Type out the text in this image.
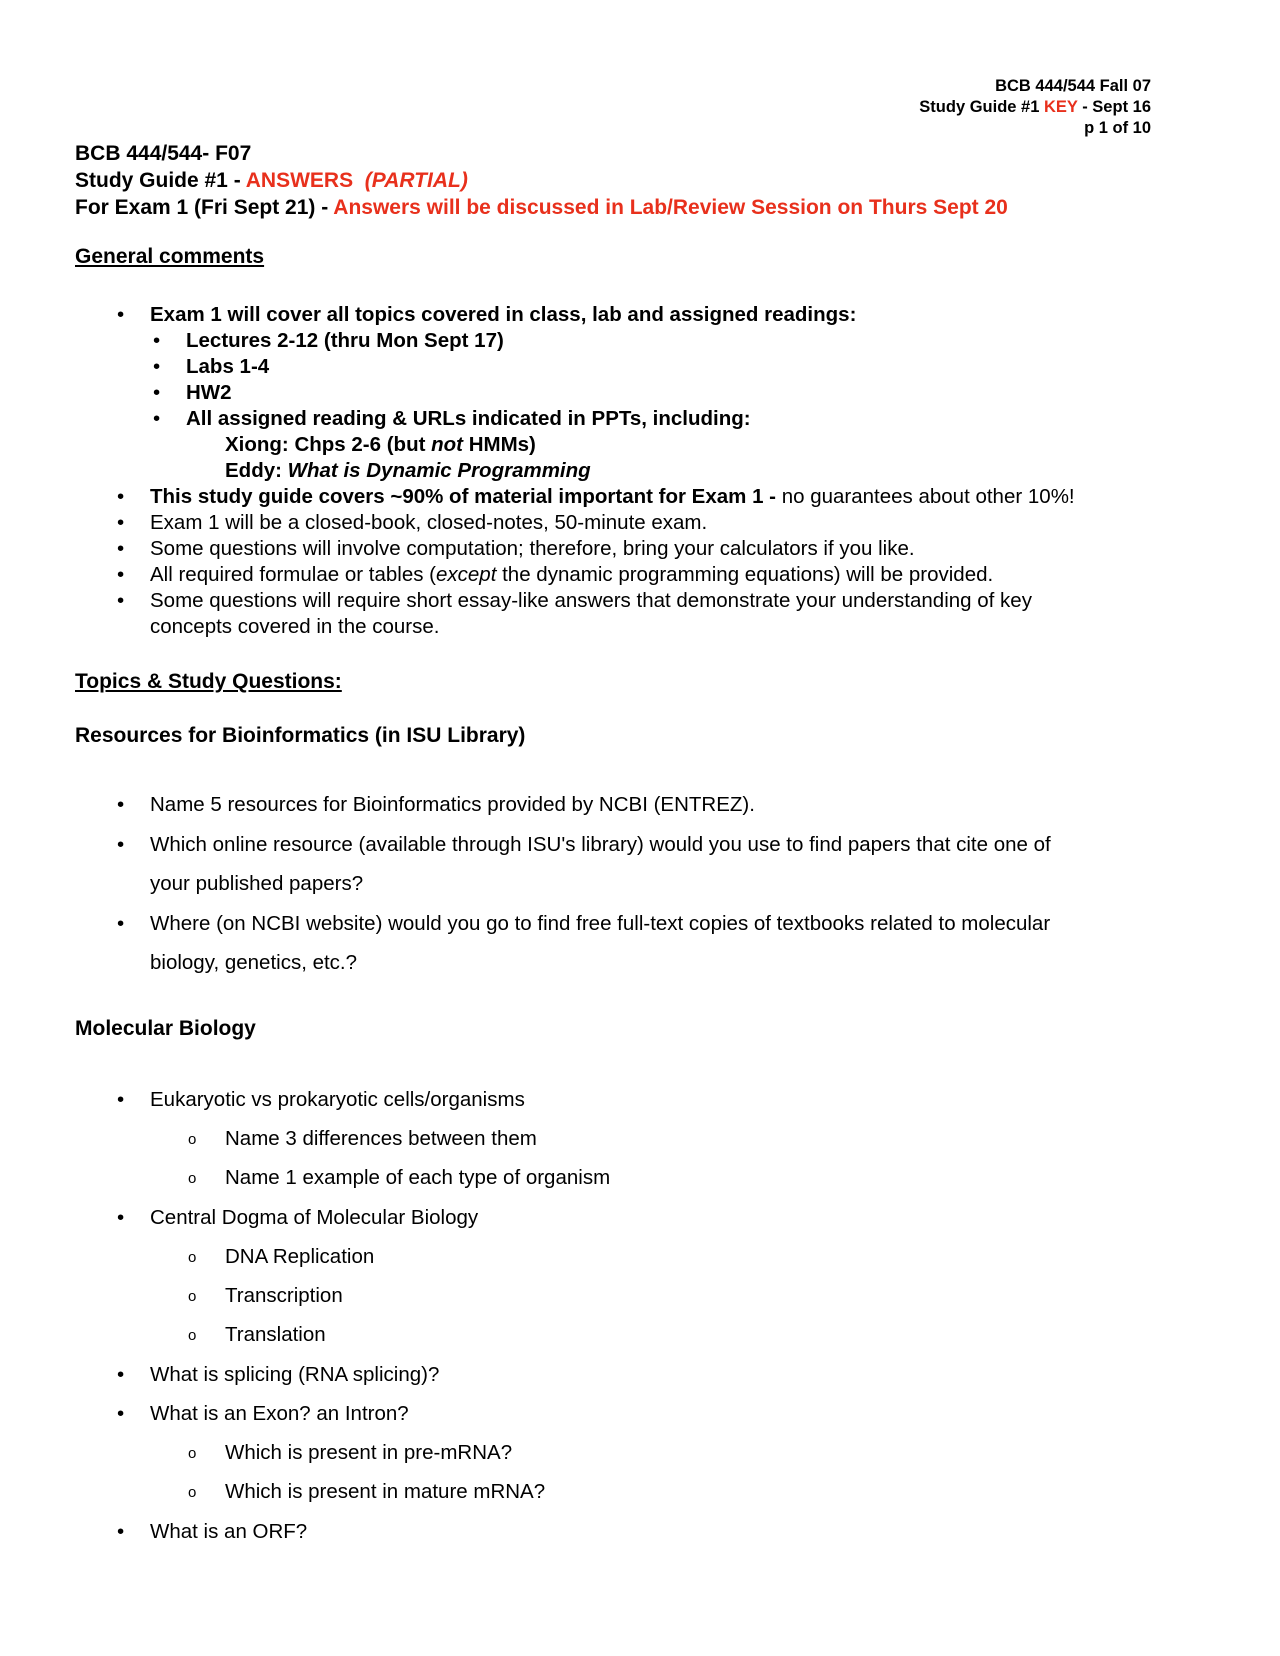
BCB 444/544 Fall 07
Study Guide #1 KEY - Sept 16
p 1 of 10
BCB 444/544- F07
Study Guide #1 - ANSWERS (PARTIAL)
For Exam 1 (Fri Sept 21) - Answers will be discussed in Lab/Review Session on Thurs Sept 20
General comments
• Exam 1 will cover all topics covered in class, lab and assigned readings:
• Lectures 2-12 (thru Mon Sept 17)
• Labs 1-4
• HW2
• All assigned reading & URLs indicated in PPTs, including:
Xiong: Chps 2-6 (but not HMMs)
Eddy: What is Dynamic Programming
• This study guide covers ~90% of material important for Exam 1 - no guarantees about other 10%!
• Exam 1 will be a closed-book, closed-notes, 50-minute exam.
• Some questions will involve computation; therefore, bring your calculators if you like.
• All required formulae or tables (except the dynamic programming equations) will be provided.
• Some questions will require short essay-like answers that demonstrate your understanding of key
concepts covered in the course.
Topics & Study Questions:
Resources for Bioinformatics (in ISU Library)
• Name 5 resources for Bioinformatics provided by NCBI (ENTREZ).
• Which online resource (available through ISU's library) would you use to find papers that cite one of
your published papers?
• Where (on NCBI website) would you go to find free full-text copies of textbooks related to molecular
biology, genetics, etc.?
Molecular Biology
• Eukaryotic vs prokaryotic cells/organisms
o Name 3 differences between them
o Name 1 example of each type of organism
• Central Dogma of Molecular Biology
o DNA Replication
o Transcription
o Translation
• What is splicing (RNA splicing)?
• What is an Exon? an Intron?
o Which is present in pre-mRNA?
o Which is present in mature mRNA?
• What is an ORF?
